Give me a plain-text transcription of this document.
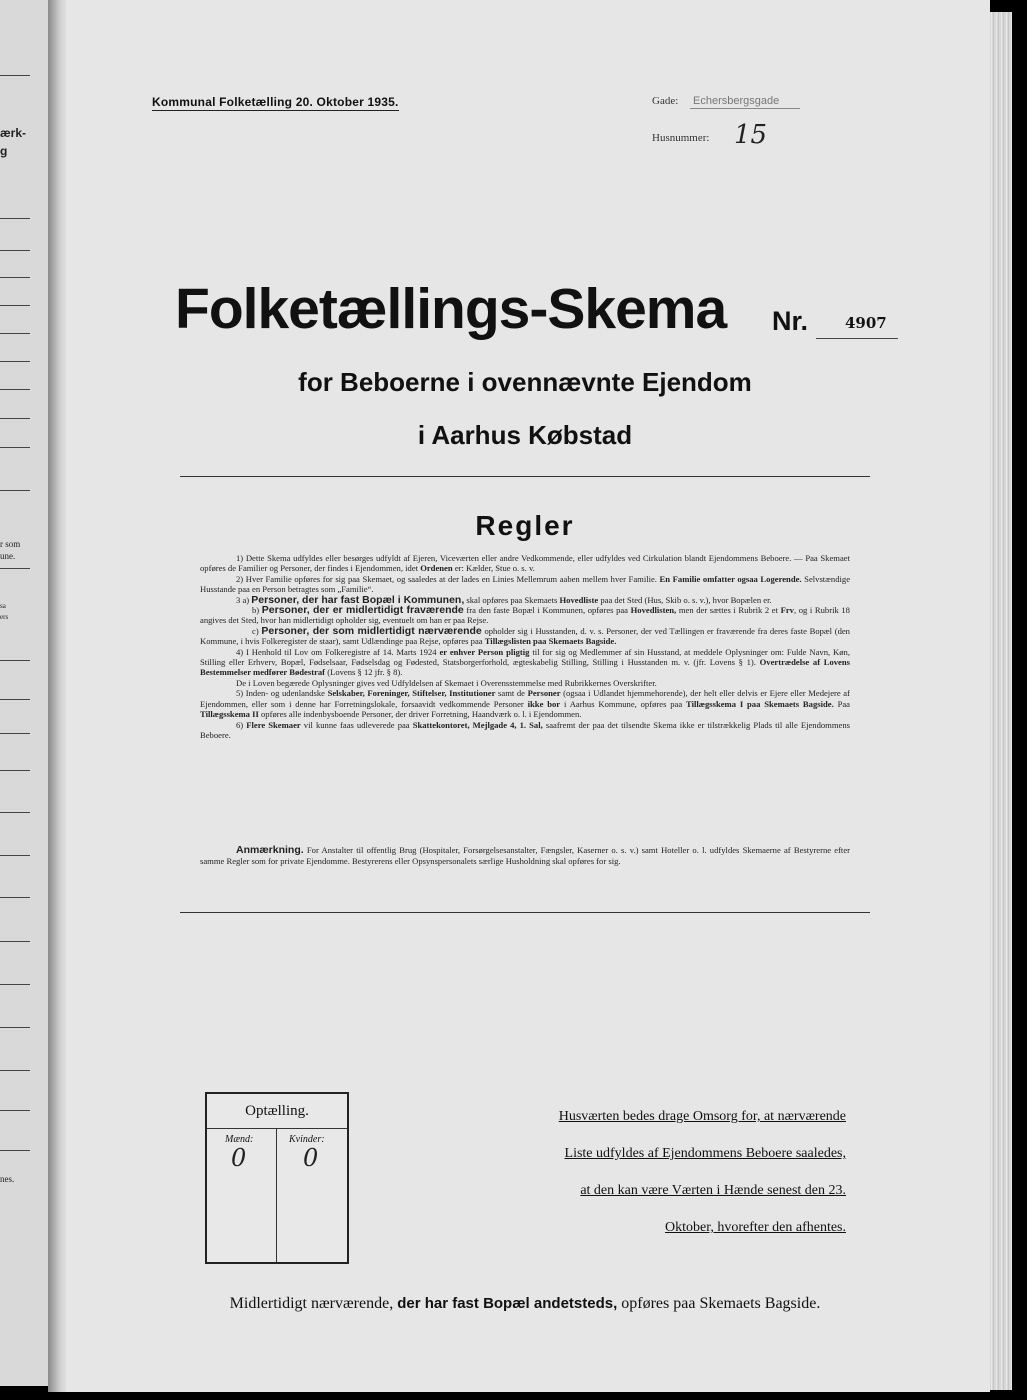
ærk-
g
r som
une.
sa
ers
nes.
Kommunal Folketælling 20. Oktober 1935.	Gade: Echersbergsgade
Husnummer: 15
Folketællings-Skema Nr. 4907
for Beboerne i ovennævnte Ejendom
i Aarhus Købstad
Regler

1) Dette Skema udfyldes eller besørges udfyldt af Ejeren, Viceværten eller andre Vedkommende, eller udfyldes ved Cirkulation blandt Ejendommens Beboere. — Paa Skemaet opføres de Familier og Personer, der findes i Ejendommen, idet Ordenen er: Kælder, Stue o. s. v.

2) Hver Familie opføres for sig paa Skemaet, og saaledes at der lades en Linies Mellemrum aaben mellem hver Familie. En Familie omfatter ogsaa Logerende. Selvstændige Husstande paa en Person betragtes som „Familie“.

3 a) Personer, der har fast Bopæl i Kommunen, skal opføres paa Skemaets Hovedliste paa det Sted (Hus, Skib o. s. v.), hvor Bopælen er.

b) Personer, der er midlertidigt fraværende fra den faste Bopæl i Kommunen, opføres paa Hovedlisten, men der sættes i Rubrik 2 et Frv, og i Rubrik 18 angives det Sted, hvor han midlertidigt opholder sig, eventuelt om han er paa Rejse.

c) Personer, der som midlertidigt nærværende opholder sig i Husstanden, d. v. s. Personer, der ved Tællingen er fraværende fra deres faste Bopæl (den Kommune, i hvis Folkeregister de staar), samt Udlændinge paa Rejse, opføres paa Tillægslisten paa Skemaets Bagside.

4) I Henhold til Lov om Folkeregistre af 14. Marts 1924 er enhver Person pligtig til for sig og Medlemmer af sin Husstand, at meddele Oplysninger om: Fulde Navn, Køn, Stilling eller Erhverv, Bopæl, Fødselsaar, Fødselsdag og Fødested, Statsborgerforhold, ægteskabelig Stilling, Stilling i Husstanden m. v. (jfr. Lovens § 1). Overtrædelse af Lovens Bestemmelser medfører Bødestraf (Lovens § 12 jfr. § 8).

De i Loven begærede Oplysninger gives ved Udfyldelsen af Skemaet i Overensstemmelse med Rubrikkernes Overskrifter.

5) Inden- og udenlandske Selskaber, Foreninger, Stiftelser, Institutioner samt de Personer (ogsaa i Udlandet hjemmehorende), der helt eller delvis er Ejere eller Medejere af Ejendommen, eller som i denne har Forretningslokale, forsaavidt vedkommende Personer ikke bor i Aarhus Kommune, opføres paa Tillægsskema I paa Skemaets Bagside. Paa Tillægsskema II opføres alle indenbysboende Personer, der driver Forretning, Haandværk o. l. i Ejendommen.

6) Flere Skemaer vil kunne faas udleverede paa Skattekontoret, Mejlgade 4, 1. Sal, saafremt der paa det tilsendte Skema ikke er tilstrækkelig Plads til alle Ejendommens Beboere.

Anmærkning. For Anstalter til offentlig Brug (Hospitaler, Forsørgelsesanstalter, Fængsler, Kaserner o. s. v.) samt Hoteller o. l. udfyldes Skemaerne af Bestyrerne efter samme Regler som for private Ejendomme. Bestyrerens eller Opsynspersonalets særlige Husholdning skal opføres for sig.
Optælling.
Mænd:
0
Kvinder:
0
Husværten bedes drage Omsorg for, at nærværende
Liste udfyldes af Ejendommens Beboere saaledes,
at den kan være Værten i Hænde senest den 23.
Oktober, hvorefter den afhentes.
Midlertidigt nærværende, der har fast Bopæl andetsteds, opføres paa Skemaets Bagside.
